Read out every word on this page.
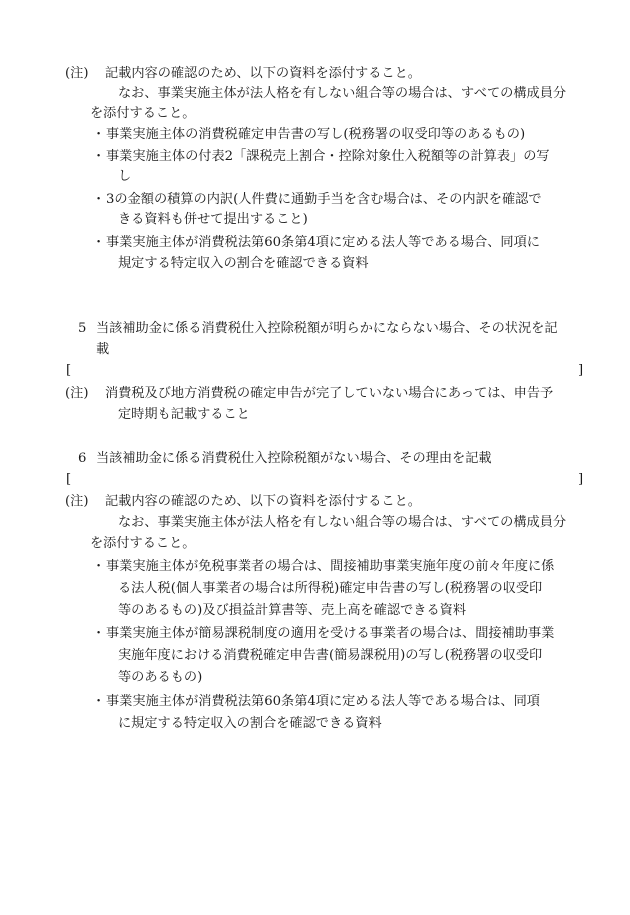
(注) 記載内容の確認のため、以下の資料を添付すること。
なお、事業実施主体が法人格を有しない組合等の場合は、すべての構成員分
を添付すること。
・ 事業実施主体の消費税確定申告書の写し(税務署の収受印等のあるもの)
・ 事業実施主体の付表2「課税売上割合・控除対象仕入税額等の計算表」の写
し
・ 3の金額の積算の内訳(人件費に通勤手当を含む場合は、その内訳を確認で
きる資料も併せて提出すること)
・ 事業実施主体が消費税法第60条第4項に定める法人等である場合、同項に
規定する特定収入の割合を確認できる資料
5 当該補助金に係る消費税仕入控除税額が明らかにならない場合、その状況を記
載
[	]
(注) 消費税及び地方消費税の確定申告が完了していない場合にあっては、申告予
定時期も記載すること
6 当該補助金に係る消費税仕入控除税額がない場合、その理由を記載
[	]
(注) 記載内容の確認のため、以下の資料を添付すること。
なお、事業実施主体が法人格を有しない組合等の場合は、すべての構成員分
を添付すること。
・ 事業実施主体が免税事業者の場合は、間接補助事業実施年度の前々年度に係
る法人税(個人事業者の場合は所得税)確定申告書の写し(税務署の収受印
等のあるもの)及び損益計算書等、売上高を確認できる資料
・ 事業実施主体が簡易課税制度の適用を受ける事業者の場合は、間接補助事業
実施年度における消費税確定申告書(簡易課税用)の写し(税務署の収受印
等のあるもの)
・ 事業実施主体が消費税法第60条第4項に定める法人等である場合は、同項
に規定する特定収入の割合を確認できる資料
